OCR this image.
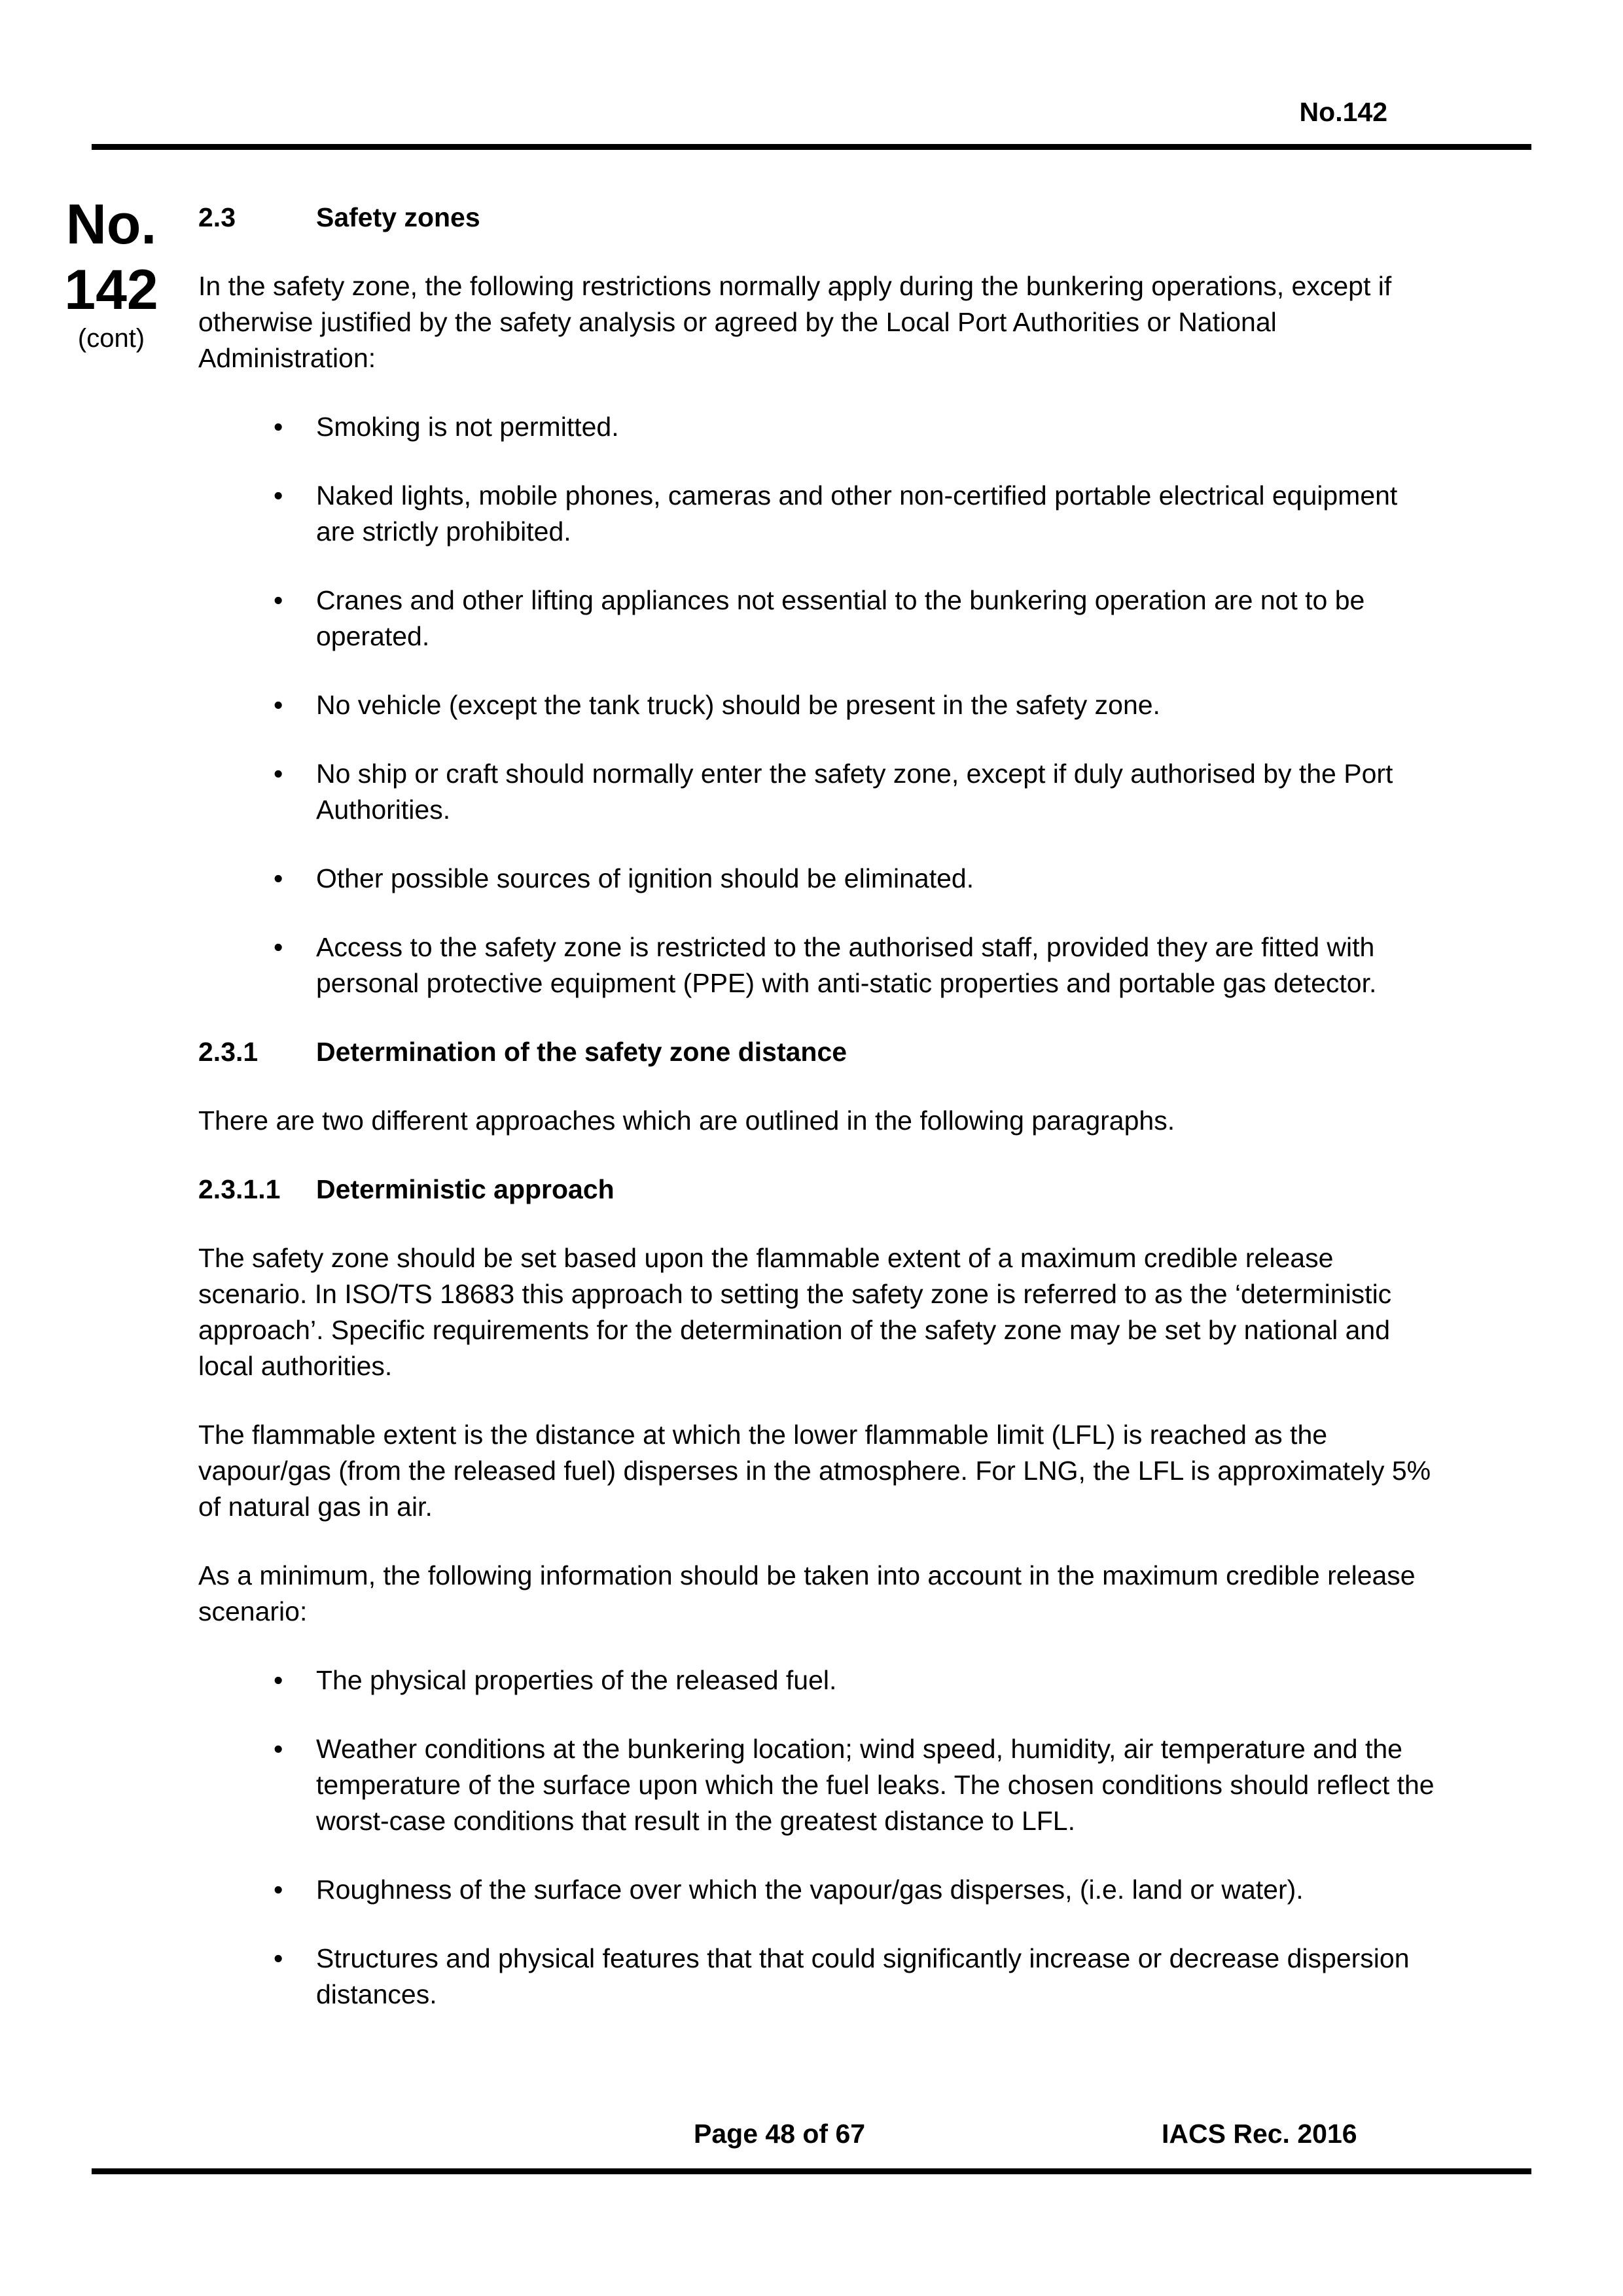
No.142
No.
142
(cont)
2.3	Safety zones

In the safety zone, the following restrictions normally apply during the bunkering operations, except if otherwise justified by the safety analysis or agreed by the Local Port Authorities or National Administration:

• Smoking is not permitted.
• Naked lights, mobile phones, cameras and other non-certified portable electrical equipment are strictly prohibited.
• Cranes and other lifting appliances not essential to the bunkering operation are not to be operated.
• No vehicle (except the tank truck) should be present in the safety zone.
• No ship or craft should normally enter the safety zone, except if duly authorised by the Port Authorities.
• Other possible sources of ignition should be eliminated.
• Access to the safety zone is restricted to the authorised staff, provided they are fitted with personal protective equipment (PPE) with anti-static properties and portable gas detector.
2.3.1	Determination of the safety zone distance

There are two different approaches which are outlined in the following paragraphs.

2.3.1.1	Deterministic approach

The safety zone should be set based upon the flammable extent of a maximum credible release scenario. In ISO/TS 18683 this approach to setting the safety zone is referred to as the ‘deterministic approach’. Specific requirements for the determination of the safety zone may be set by national and local authorities.

The flammable extent is the distance at which the lower flammable limit (LFL) is reached as the vapour/gas (from the released fuel) disperses in the atmosphere. For LNG, the LFL is approximately 5% of natural gas in air.

As a minimum, the following information should be taken into account in the maximum credible release scenario:

• The physical properties of the released fuel.
• Weather conditions at the bunkering location; wind speed, humidity, air temperature and the temperature of the surface upon which the fuel leaks. The chosen conditions should reflect the worst-case conditions that result in the greatest distance to LFL.
• Roughness of the surface over which the vapour/gas disperses, (i.e. land or water).
• Structures and physical features that that could significantly increase or decrease dispersion distances.
Page 48 of 67	IACS Rec. 2016
